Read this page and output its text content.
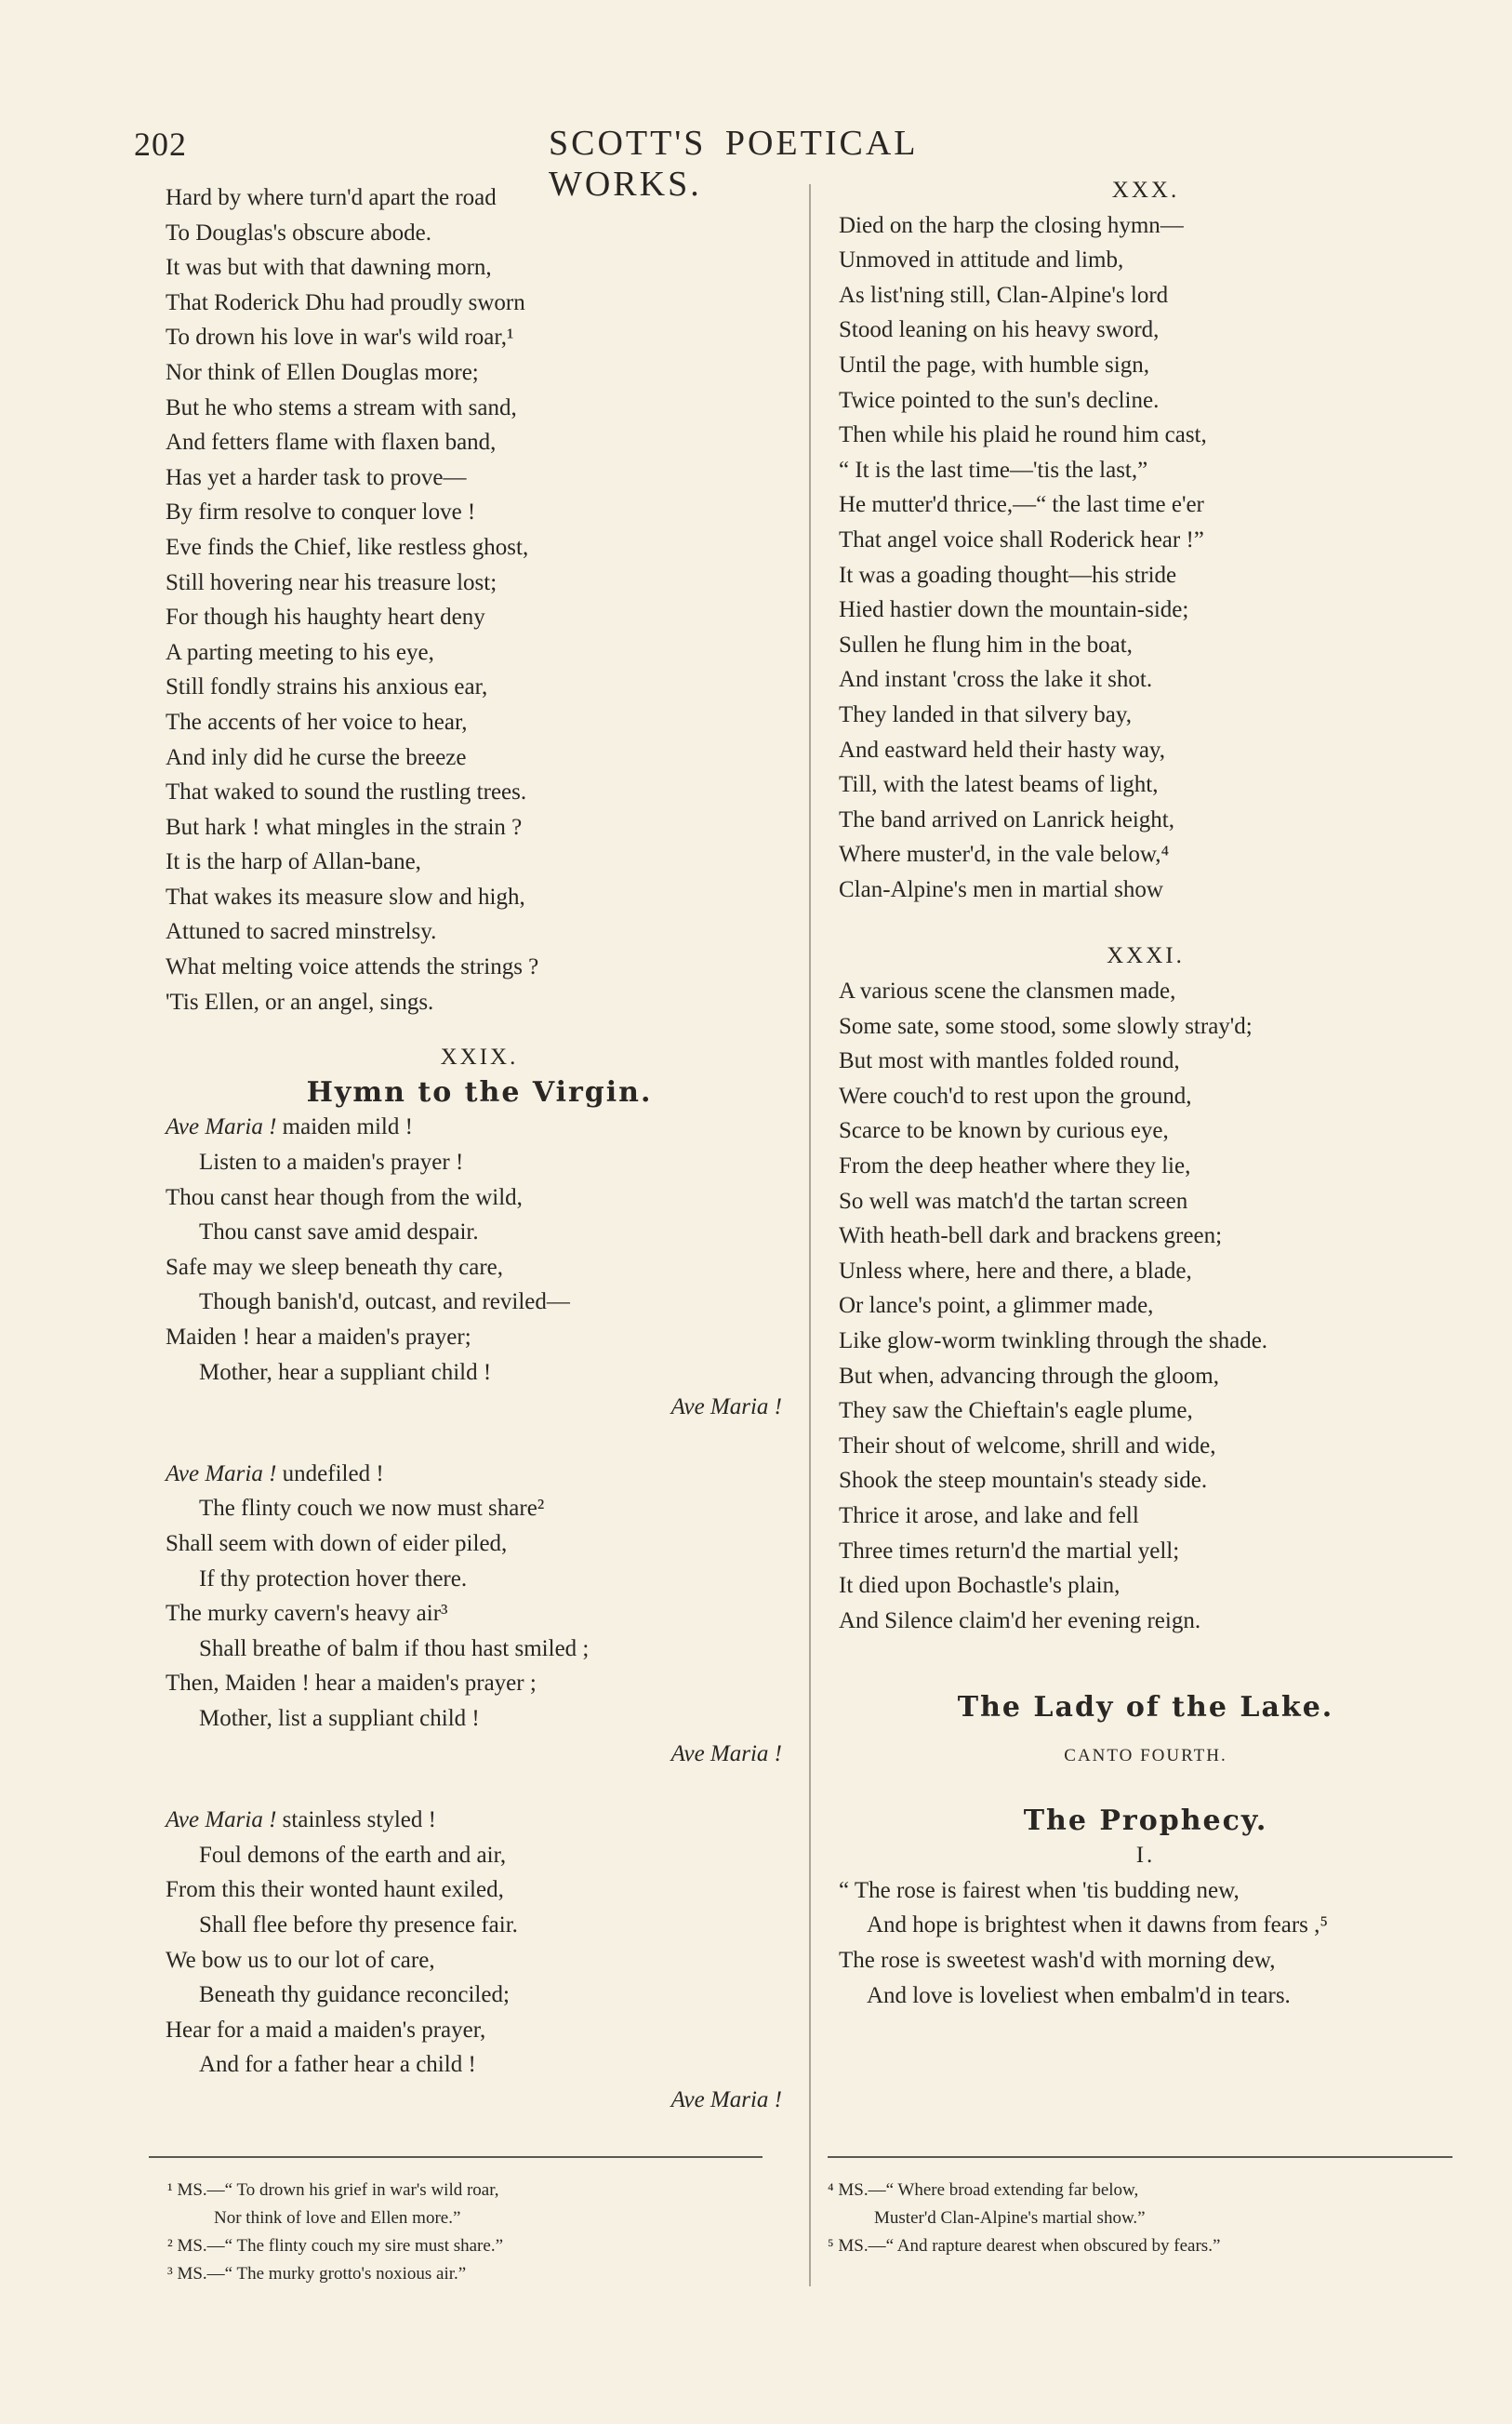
202	SCOTT'S POETICAL WORKS.
Hard by where turn'd apart the road
To Douglas's obscure abode.
It was but with that dawning morn,
That Roderick Dhu had proudly sworn
To drown his love in war's wild roar,¹
Nor think of Ellen Douglas more;
But he who stems a stream with sand,
And fetters flame with flaxen band,
Has yet a harder task to prove—
By firm resolve to conquer love !
Eve finds the Chief, like restless ghost,
Still hovering near his treasure lost;
For though his haughty heart deny
A parting meeting to his eye,
Still fondly strains his anxious ear,
The accents of her voice to hear,
And inly did he curse the breeze
That waked to sound the rustling trees.
But hark ! what mingles in the strain ?
It is the harp of Allan-bane,
That wakes its measure slow and high,
Attuned to sacred minstrelsy.
What melting voice attends the strings ?
'Tis Ellen, or an angel, sings.
XXIX.
Hymn to the Virgin.
Ave Maria ! maiden mild !
Listen to a maiden's prayer !
Thou canst hear though from the wild,
Thou canst save amid despair.
Safe may we sleep beneath thy care,
Though banish'd, outcast, and reviled—
Maiden ! hear a maiden's prayer;
Mother, hear a suppliant child !
Ave Maria !
Ave Maria ! undefiled !
The flinty couch we now must share²
Shall seem with down of eider piled,
If thy protection hover there.
The murky cavern's heavy air³
Shall breathe of balm if thou hast smiled ;
Then, Maiden ! hear a maiden's prayer ;
Mother, list a suppliant child !
Ave Maria !
Ave Maria ! stainless styled !
Foul demons of the earth and air,
From this their wonted haunt exiled,
Shall flee before thy presence fair.
We bow us to our lot of care,
Beneath thy guidance reconciled;
Hear for a maid a maiden's prayer,
And for a father hear a child !
Ave Maria !
XXX.
Died on the harp the closing hymn—
Unmoved in attitude and limb,
As list'ning still, Clan-Alpine's lord
Stood leaning on his heavy sword,
Until the page, with humble sign,
Twice pointed to the sun's decline.
Then while his plaid he round him cast,
“ It is the last time—'tis the last,”
He mutter'd thrice,—“ the last time e'er
That angel voice shall Roderick hear !”
It was a goading thought—his stride
Hied hastier down the mountain-side;
Sullen he flung him in the boat,
And instant 'cross the lake it shot.
They landed in that silvery bay,
And eastward held their hasty way,
Till, with the latest beams of light,
The band arrived on Lanrick height,
Where muster'd, in the vale below,⁴
Clan-Alpine's men in martial show
XXXI.
A various scene the clansmen made,
Some sate, some stood, some slowly stray'd;
But most with mantles folded round,
Were couch'd to rest upon the ground,
Scarce to be known by curious eye,
From the deep heather where they lie,
So well was match'd the tartan screen
With heath-bell dark and brackens green;
Unless where, here and there, a blade,
Or lance's point, a glimmer made,
Like glow-worm twinkling through the shade.
But when, advancing through the gloom,
They saw the Chieftain's eagle plume,
Their shout of welcome, shrill and wide,
Shook the steep mountain's steady side.
Thrice it arose, and lake and fell
Three times return'd the martial yell;
It died upon Bochastle's plain,
And Silence claim'd her evening reign.
The Lady of the Lake.
CANTO FOURTH.
The Prophecy.
I.
“ The rose is fairest when 'tis budding new,
And hope is brightest when it dawns from fears ,⁵
The rose is sweetest wash'd with morning dew,
And love is loveliest when embalm'd in tears.
¹ MS.—“ To drown his grief in war's wild roar,
Nor think of love and Ellen more.”
² MS.—“ The flinty couch my sire must share.”
³ MS.—“ The murky grotto's noxious air.”
⁴ MS.—“ Where broad extending far below,
Muster'd Clan-Alpine's martial show.”
⁵ MS.—“ And rapture dearest when obscured by fears.”
